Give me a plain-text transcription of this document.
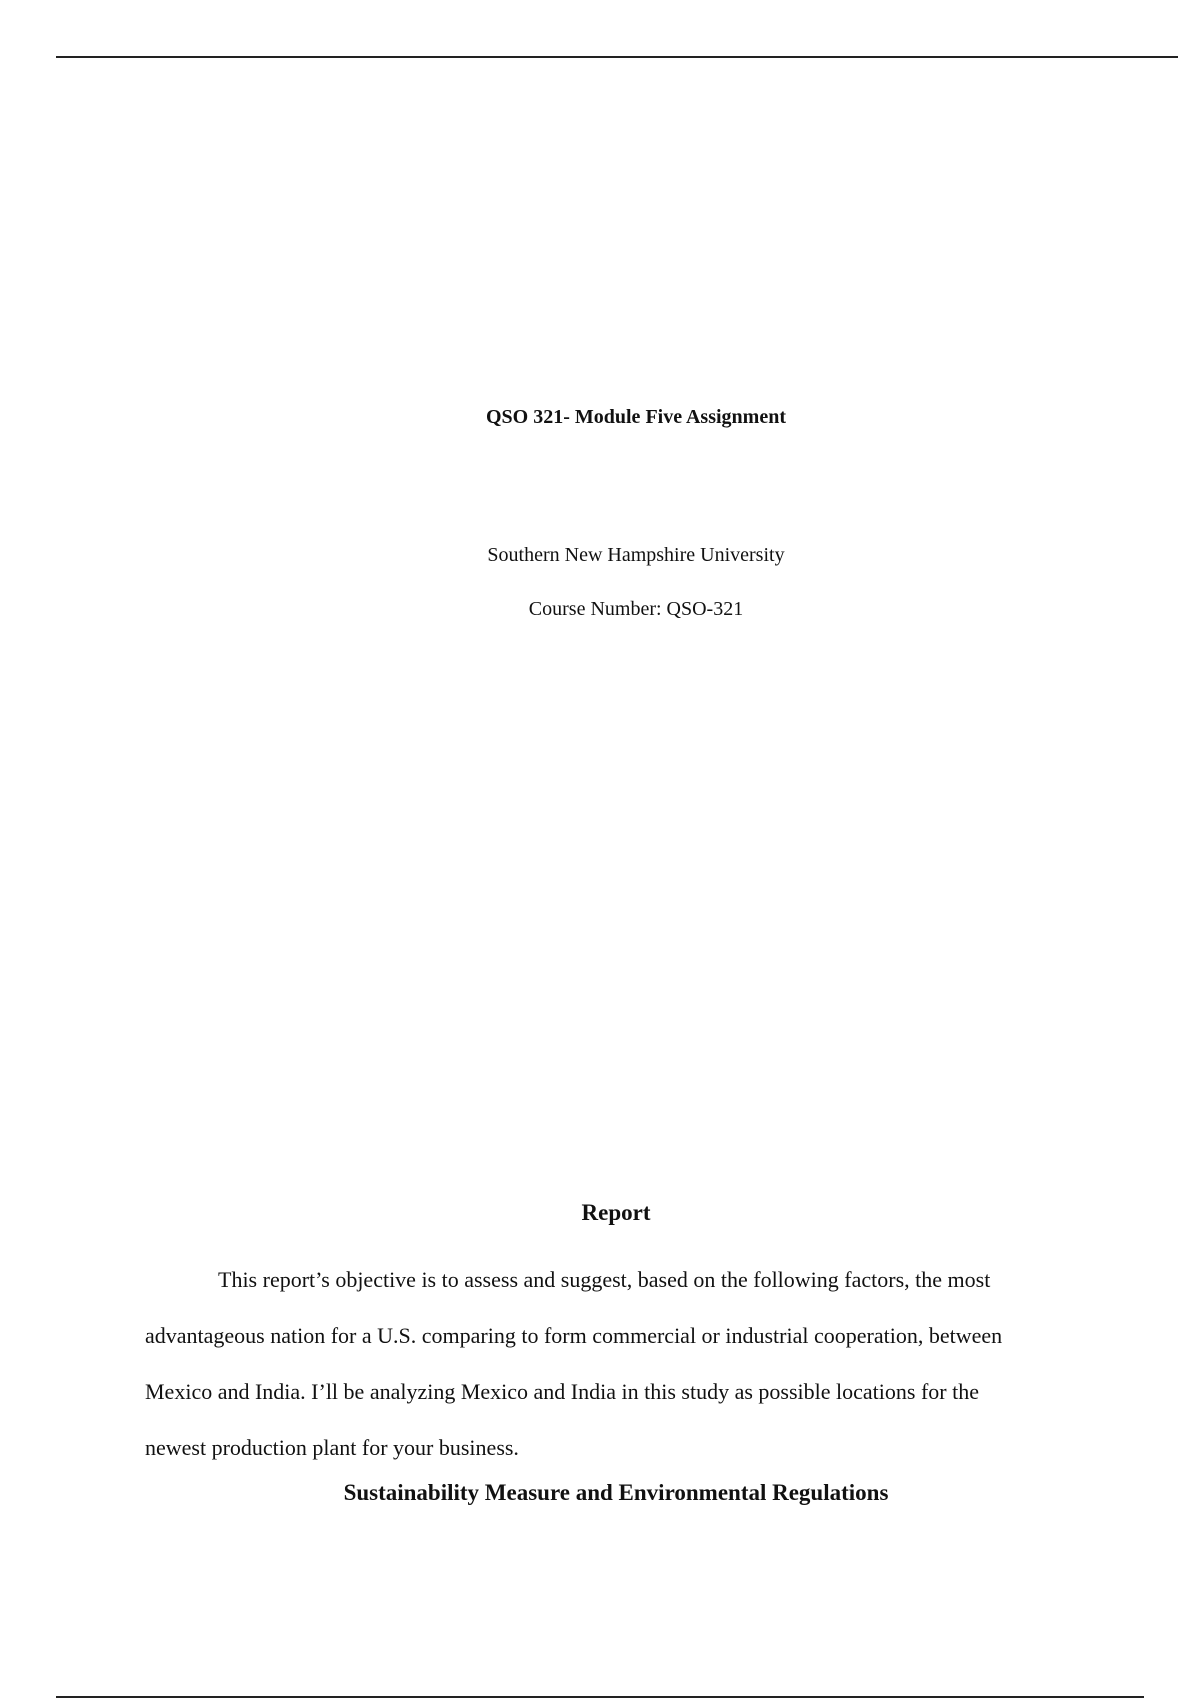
QSO 321- Module Five Assignment
Southern New Hampshire University
Course Number: QSO-321
Report
This report’s objective is to assess and suggest, based on the following factors, the most
advantageous nation for a U.S. comparing to form commercial or industrial cooperation, between
Mexico and India. I’ll be analyzing Mexico and India in this study as possible locations for the
newest production plant for your business.
Sustainability Measure and Environmental Regulations
